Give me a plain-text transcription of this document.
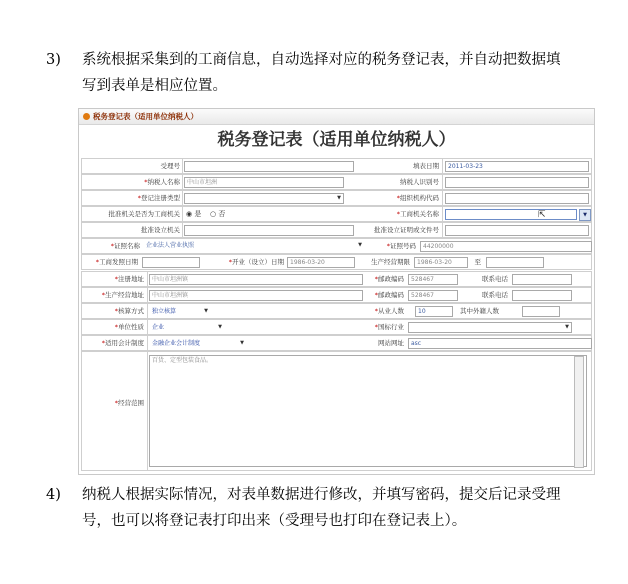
3) 系统根据采集到的工商信息，自动选择对应的税务登记表，并自动把数据填
写到表单是相应位置。
税务登记表（适用单位纳税人）
税务登记表（适用单位纳税人）
受理号	填表日期	2011-03-23
*纳税人名称	中山市坦洲	纳税人识别号
*登记注册类型
▼	*组织机构代码
批准机关是否为工商机关 ◉ 是 ○ 否	*工商机关名称	▼
⇱
批准设立机关	批准设立证明或文件号
*证照名称	企业法人营业执照 ▼	*证照号码	44200000
*工商发照日期	*开业（设立）日期	1986-03-20	生产经营期限	1986-03-20	至
*注册地址	中山市坦洲镇	*邮政编码	528467	联系电话
*生产经营地址	中山市坦洲镇	*邮政编码	528467	联系电话
*核算方式 独立核算 ▼	*从业人数	10	其中外籍人数
*单位性质 企业 ▼	*国标行业
▼
*适用会计制度 金融企业会计制度 ▼	网站网址	asc
*经营范围
百货、定型包装食品。
4) 纳税人根据实际情况，对表单数据进行修改，并填写密码，提交后记录受理
号，也可以将登记表打印出来（受理号也打印在登记表上）。
